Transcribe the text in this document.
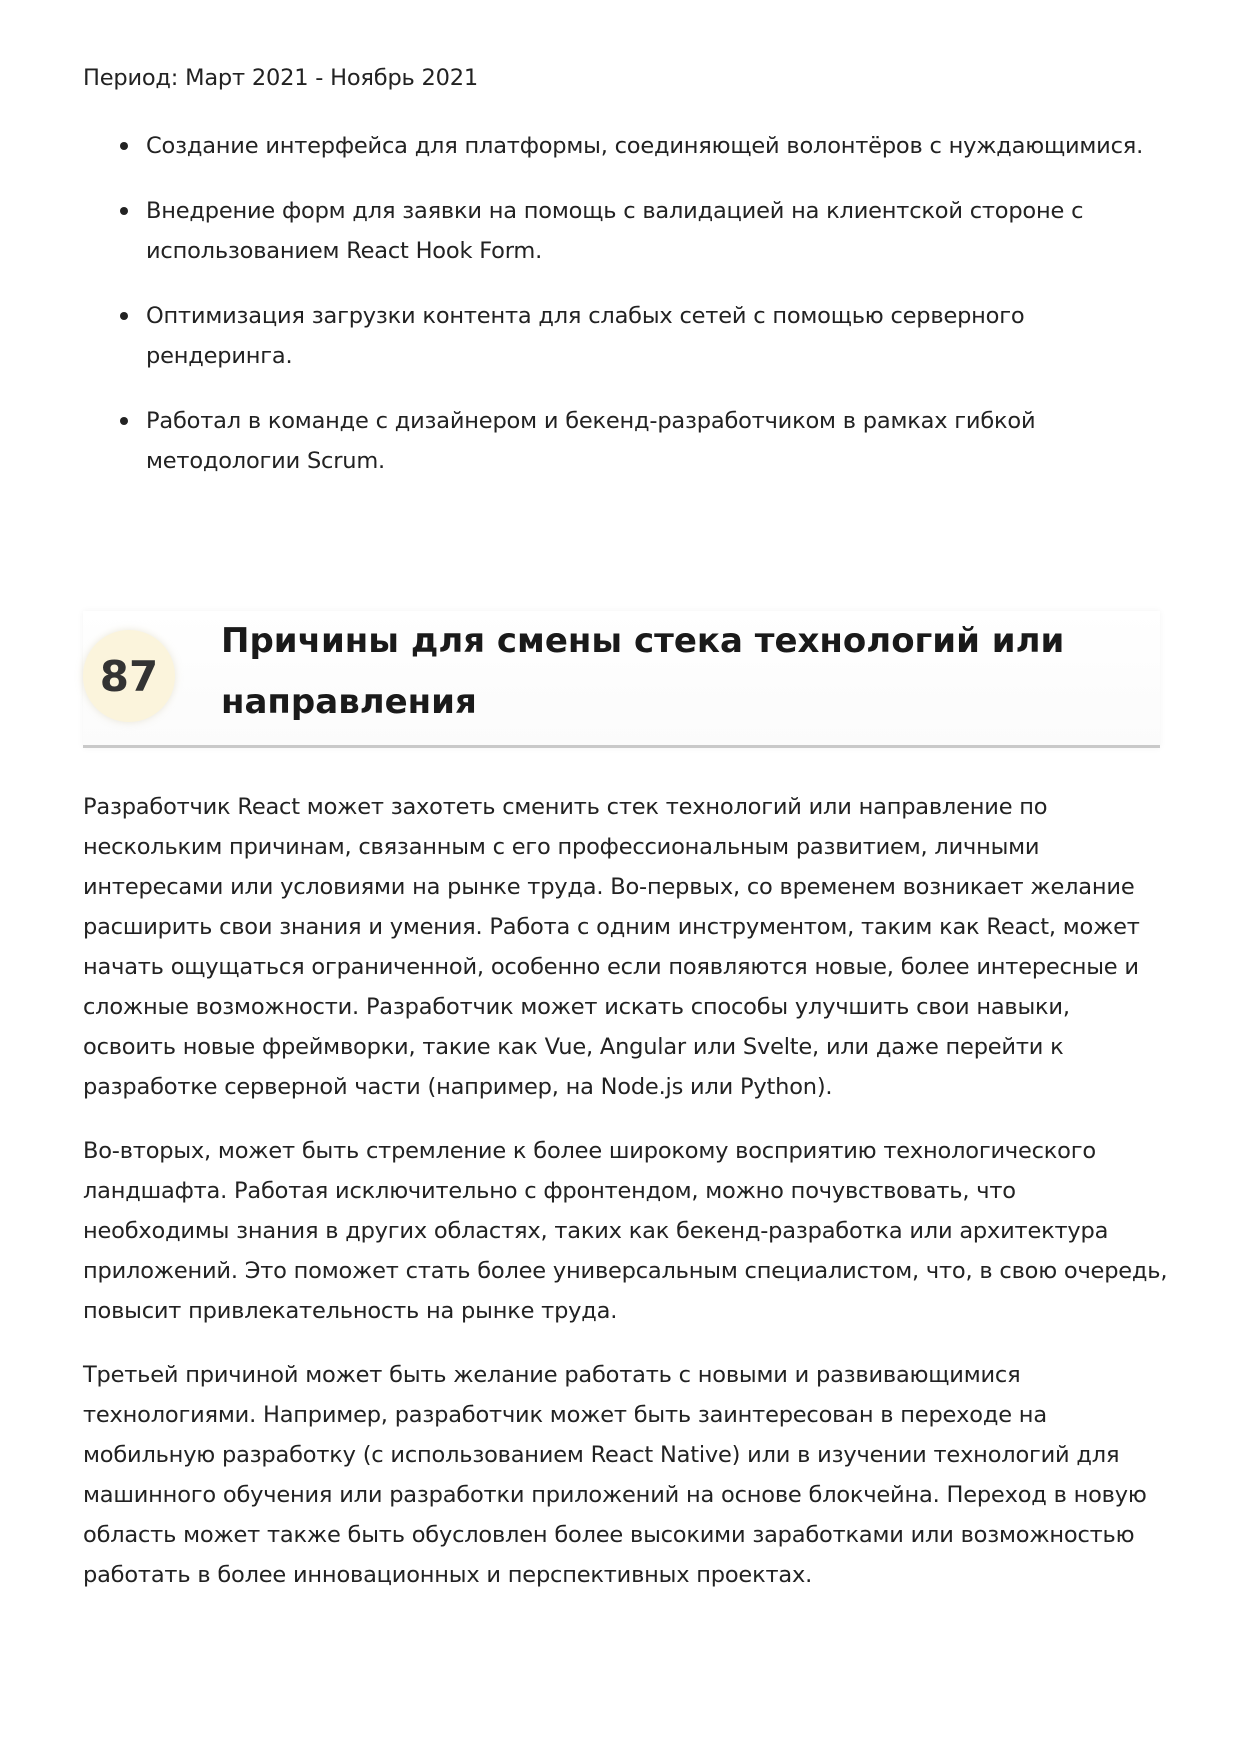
Период: Март 2021 - Ноябрь 2021
Создание интерфейса для платформы, соединяющей волонтёров с нуждающимися.
Внедрение форм для заявки на помощь с валидацией на клиентской стороне с использованием React Hook Form.
Оптимизация загрузки контента для слабых сетей с помощью серверного рендеринга.
Работал в команде с дизайнером и бекенд-разработчиком в рамках гибкой методологии Scrum.
87
Причины для смены стека технологий или направления

Разработчик React может захотеть сменить стек технологий или направление по нескольким причинам, связанным с его профессиональным развитием, личными интересами или условиями на рынке труда. Во-первых, со временем возникает желание расширить свои знания и умения. Работа с одним инструментом, таким как React, может начать ощущаться ограниченной, особенно если появляются новые, более интересные и сложные возможности. Разработчик может искать способы улучшить свои навыки, освоить новые фреймворки, такие как Vue, Angular или Svelte, или даже перейти к разработке серверной части (например, на Node.js или Python).

Во-вторых, может быть стремление к более широкому восприятию технологического ландшафта. Работая исключительно с фронтендом, можно почувствовать, что необходимы знания в других областях, таких как бекенд-разработка или архитектура приложений. Это поможет стать более универсальным специалистом, что, в свою очередь, повысит привлекательность на рынке труда.

Третьей причиной может быть желание работать с новыми и развивающимися технологиями. Например, разработчик может быть заинтересован в переходе на мобильную разработку (с использованием React Native) или в изучении технологий для машинного обучения или разработки приложений на основе блокчейна. Переход в новую область может также быть обусловлен более высокими заработками или возможностью работать в более инновационных и перспективных проектах.
